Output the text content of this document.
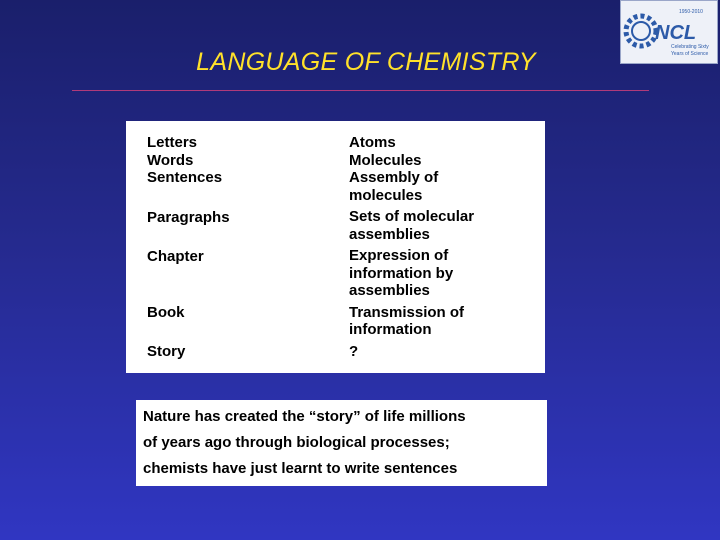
LANGUAGE OF CHEMISTRY
1950-2010
NCL
Celebrating Sixty
Years of Science
Letters
Words
Sentences
Paragraphs
Chapter
Book
Story
Atoms
Molecules
Assembly of
molecules
Sets of molecular
assemblies
Expression of
information by
assemblies
Transmission of
information
?
Nature has created the “story” of life millions
of years ago through biological processes;
chemists have just learnt to write sentences
